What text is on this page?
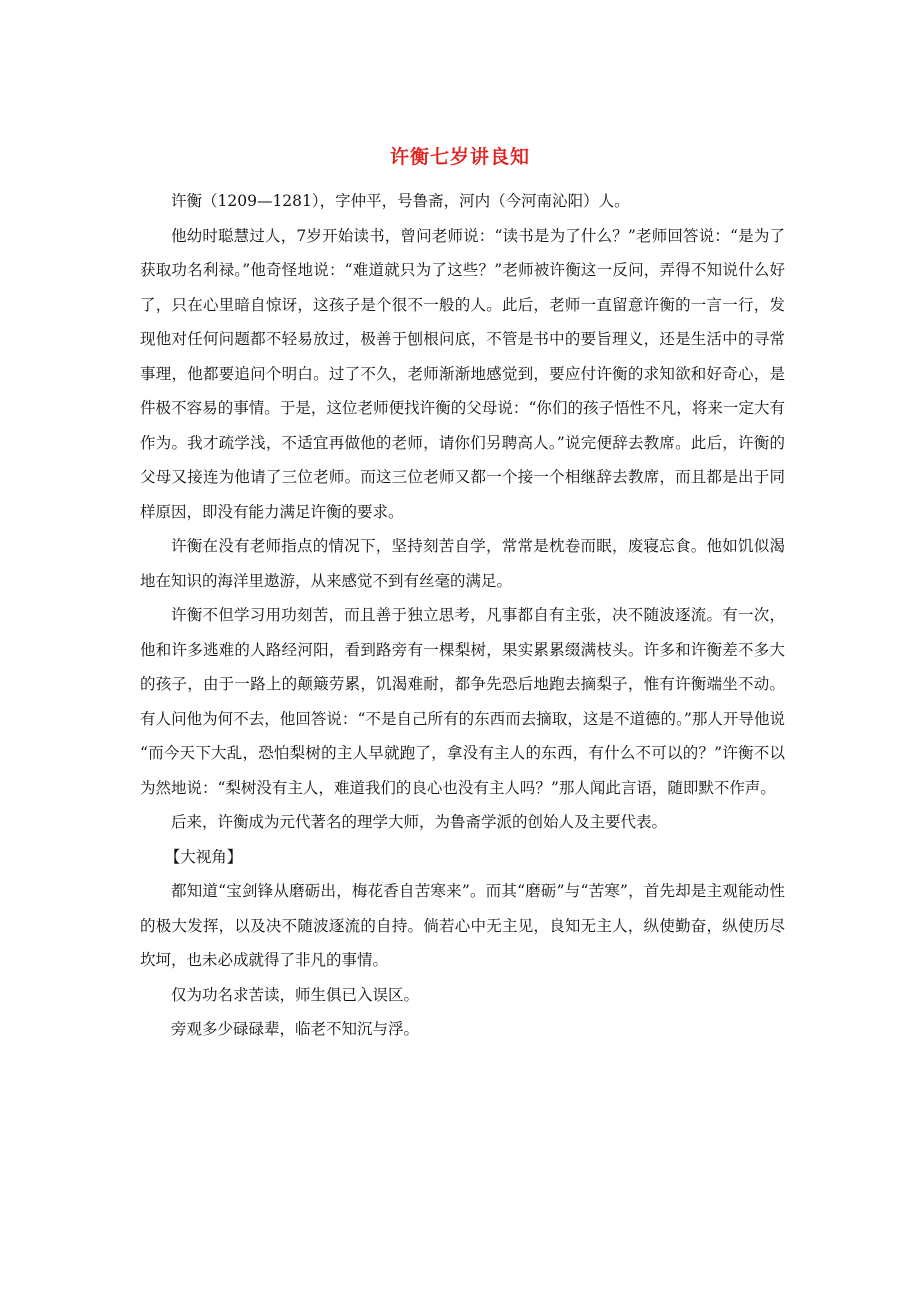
许衡七岁讲良知

许衡（1209—1281），字仲平，号鲁斋，河内（今河南沁阳）人。

他幼时聪慧过人，7岁开始读书，曾问老师说：“读书是为了什么？”老师回答说：“是为了获取功名利禄。”他奇怪地说：“难道就只为了这些？”老师被许衡这一反问，弄得不知说什么好了，只在心里暗自惊讶，这孩子是个很不一般的人。此后，老师一直留意许衡的一言一行，发现他对任何问题都不轻易放过，极善于刨根问底，不管是书中的要旨理义，还是生活中的寻常事理，他都要追问个明白。过了不久，老师渐渐地感觉到，要应付许衡的求知欲和好奇心，是件极不容易的事情。于是，这位老师便找许衡的父母说：“你们的孩子悟性不凡，将来一定大有作为。我才疏学浅，不适宜再做他的老师，请你们另聘高人。”说完便辞去教席。此后，许衡的父母又接连为他请了三位老师。而这三位老师又都一个接一个相继辞去教席，而且都是出于同样原因，即没有能力满足许衡的要求。

许衡在没有老师指点的情况下，坚持刻苦自学，常常是枕卷而眠，废寝忘食。他如饥似渴地在知识的海洋里遨游，从来感觉不到有丝毫的满足。

许衡不但学习用功刻苦，而且善于独立思考，凡事都自有主张，决不随波逐流。有一次，他和许多逃难的人路经河阳，看到路旁有一棵梨树，果实累累缀满枝头。许多和许衡差不多大的孩子，由于一路上的颠簸劳累，饥渴难耐，都争先恐后地跑去摘梨子，惟有许衡端坐不动。有人问他为何不去，他回答说：“不是自己所有的东西而去摘取，这是不道德的。”那人开导他说 “而今天下大乱，恐怕梨树的主人早就跑了，拿没有主人的东西，有什么不可以的？”许衡不以为然地说：“梨树没有主人，难道我们的良心也没有主人吗？”那人闻此言语，随即默不作声。

后来，许衡成为元代著名的理学大师，为鲁斋学派的创始人及主要代表。

【大视角】

都知道“宝剑锋从磨砺出，梅花香自苦寒来”。而其“磨砺”与“苦寒”，首先却是主观能动性的极大发挥，以及决不随波逐流的自持。倘若心中无主见，良知无主人，纵使勤奋，纵使历尽坎坷，也未必成就得了非凡的事情。

仅为功名求苦读，师生俱已入误区。

旁观多少碌碌辈，临老不知沉与浮。
